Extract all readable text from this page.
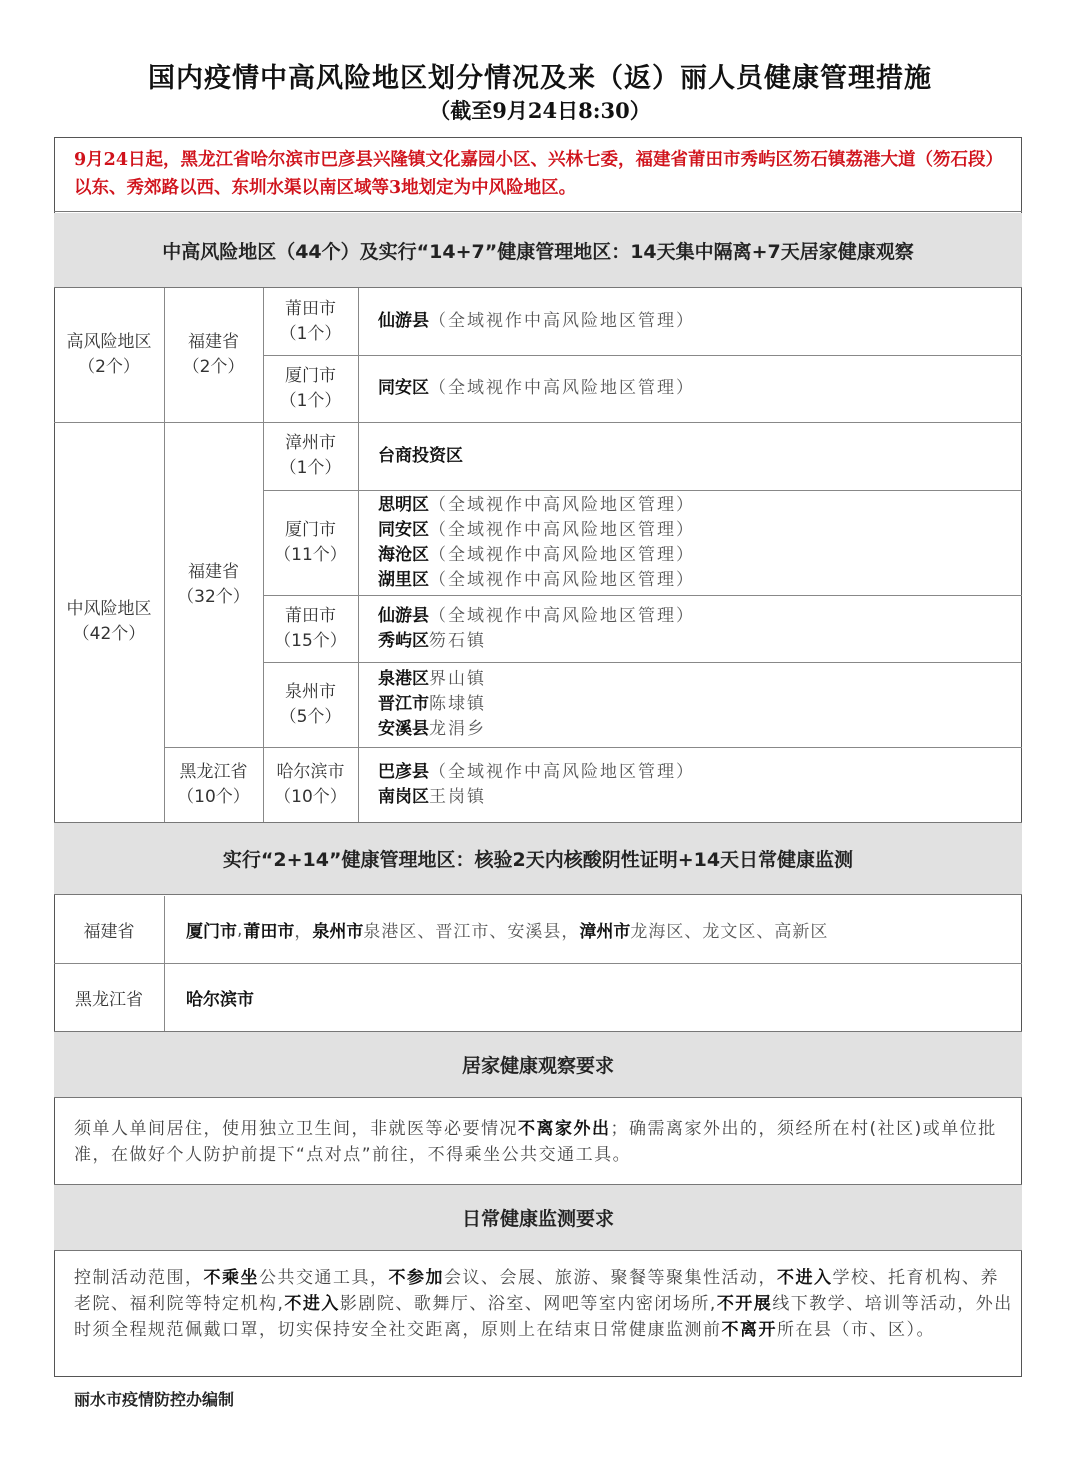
国内疫情中高风险地区划分情况及来（返）丽人员健康管理措施
（截至9月24日8:30）
9月24日起，黑龙江省哈尔滨市巴彦县兴隆镇文化嘉园小区、兴林七委，福建省莆田市秀屿区笏石镇荔港大道（笏石段）以东、秀郊路以西、东圳水渠以南区域等3地划定为中风险地区。
中高风险地区（44个）及实行“14+7”健康管理地区：14天集中隔离+7天居家健康观察
高风险地区
（2个）
福建省
（2个）
莆田市
（1个）
仙游县（全域视作中高风险地区管理）
厦门市
（1个）
同安区（全域视作中高风险地区管理）
中风险地区
（42个）
福建省
（32个）
黑龙江省
（10个）
漳州市
（1个）
台商投资区
厦门市
（11个）
思明区（全域视作中高风险地区管理）
同安区（全域视作中高风险地区管理）
海沧区（全域视作中高风险地区管理）
湖里区（全域视作中高风险地区管理）
莆田市
（15个）
仙游县（全域视作中高风险地区管理）
秀屿区笏石镇
泉州市
（5个）
泉港区界山镇
晋江市陈埭镇
安溪县龙涓乡
哈尔滨市
（10个）
巴彦县（全域视作中高风险地区管理）
南岗区王岗镇
实行“2+14”健康管理地区：核验2天内核酸阴性证明+14天日常健康监测
福建省	厦门市 , 莆田市 ， 泉州市 泉港区、晋江市、安溪县， 漳州市 龙海区、龙文区、高新区
黑龙江省	哈尔滨市
居家健康观察要求
须单人单间居住，使用独立卫生间，非就医等必要情况不离家外出；确需离家外出的，须经所在村(社区)或单位批准，在做好个人防护前提下“点对点”前往，不得乘坐公共交通工具。
日常健康监测要求
控制活动范围，不乘坐公共交通工具，不参加会议、会展、旅游、聚餐等聚集性活动，不进入学校、托育机构、养老院、福利院等特定机构,不进入影剧院、歌舞厅、浴室、网吧等室内密闭场所,不开展线下教学、培训等活动，外出时须全程规范佩戴口罩，切实保持安全社交距离，原则上在结束日常健康监测前不离开所在县（市、区）。
丽水市疫情防控办编制
